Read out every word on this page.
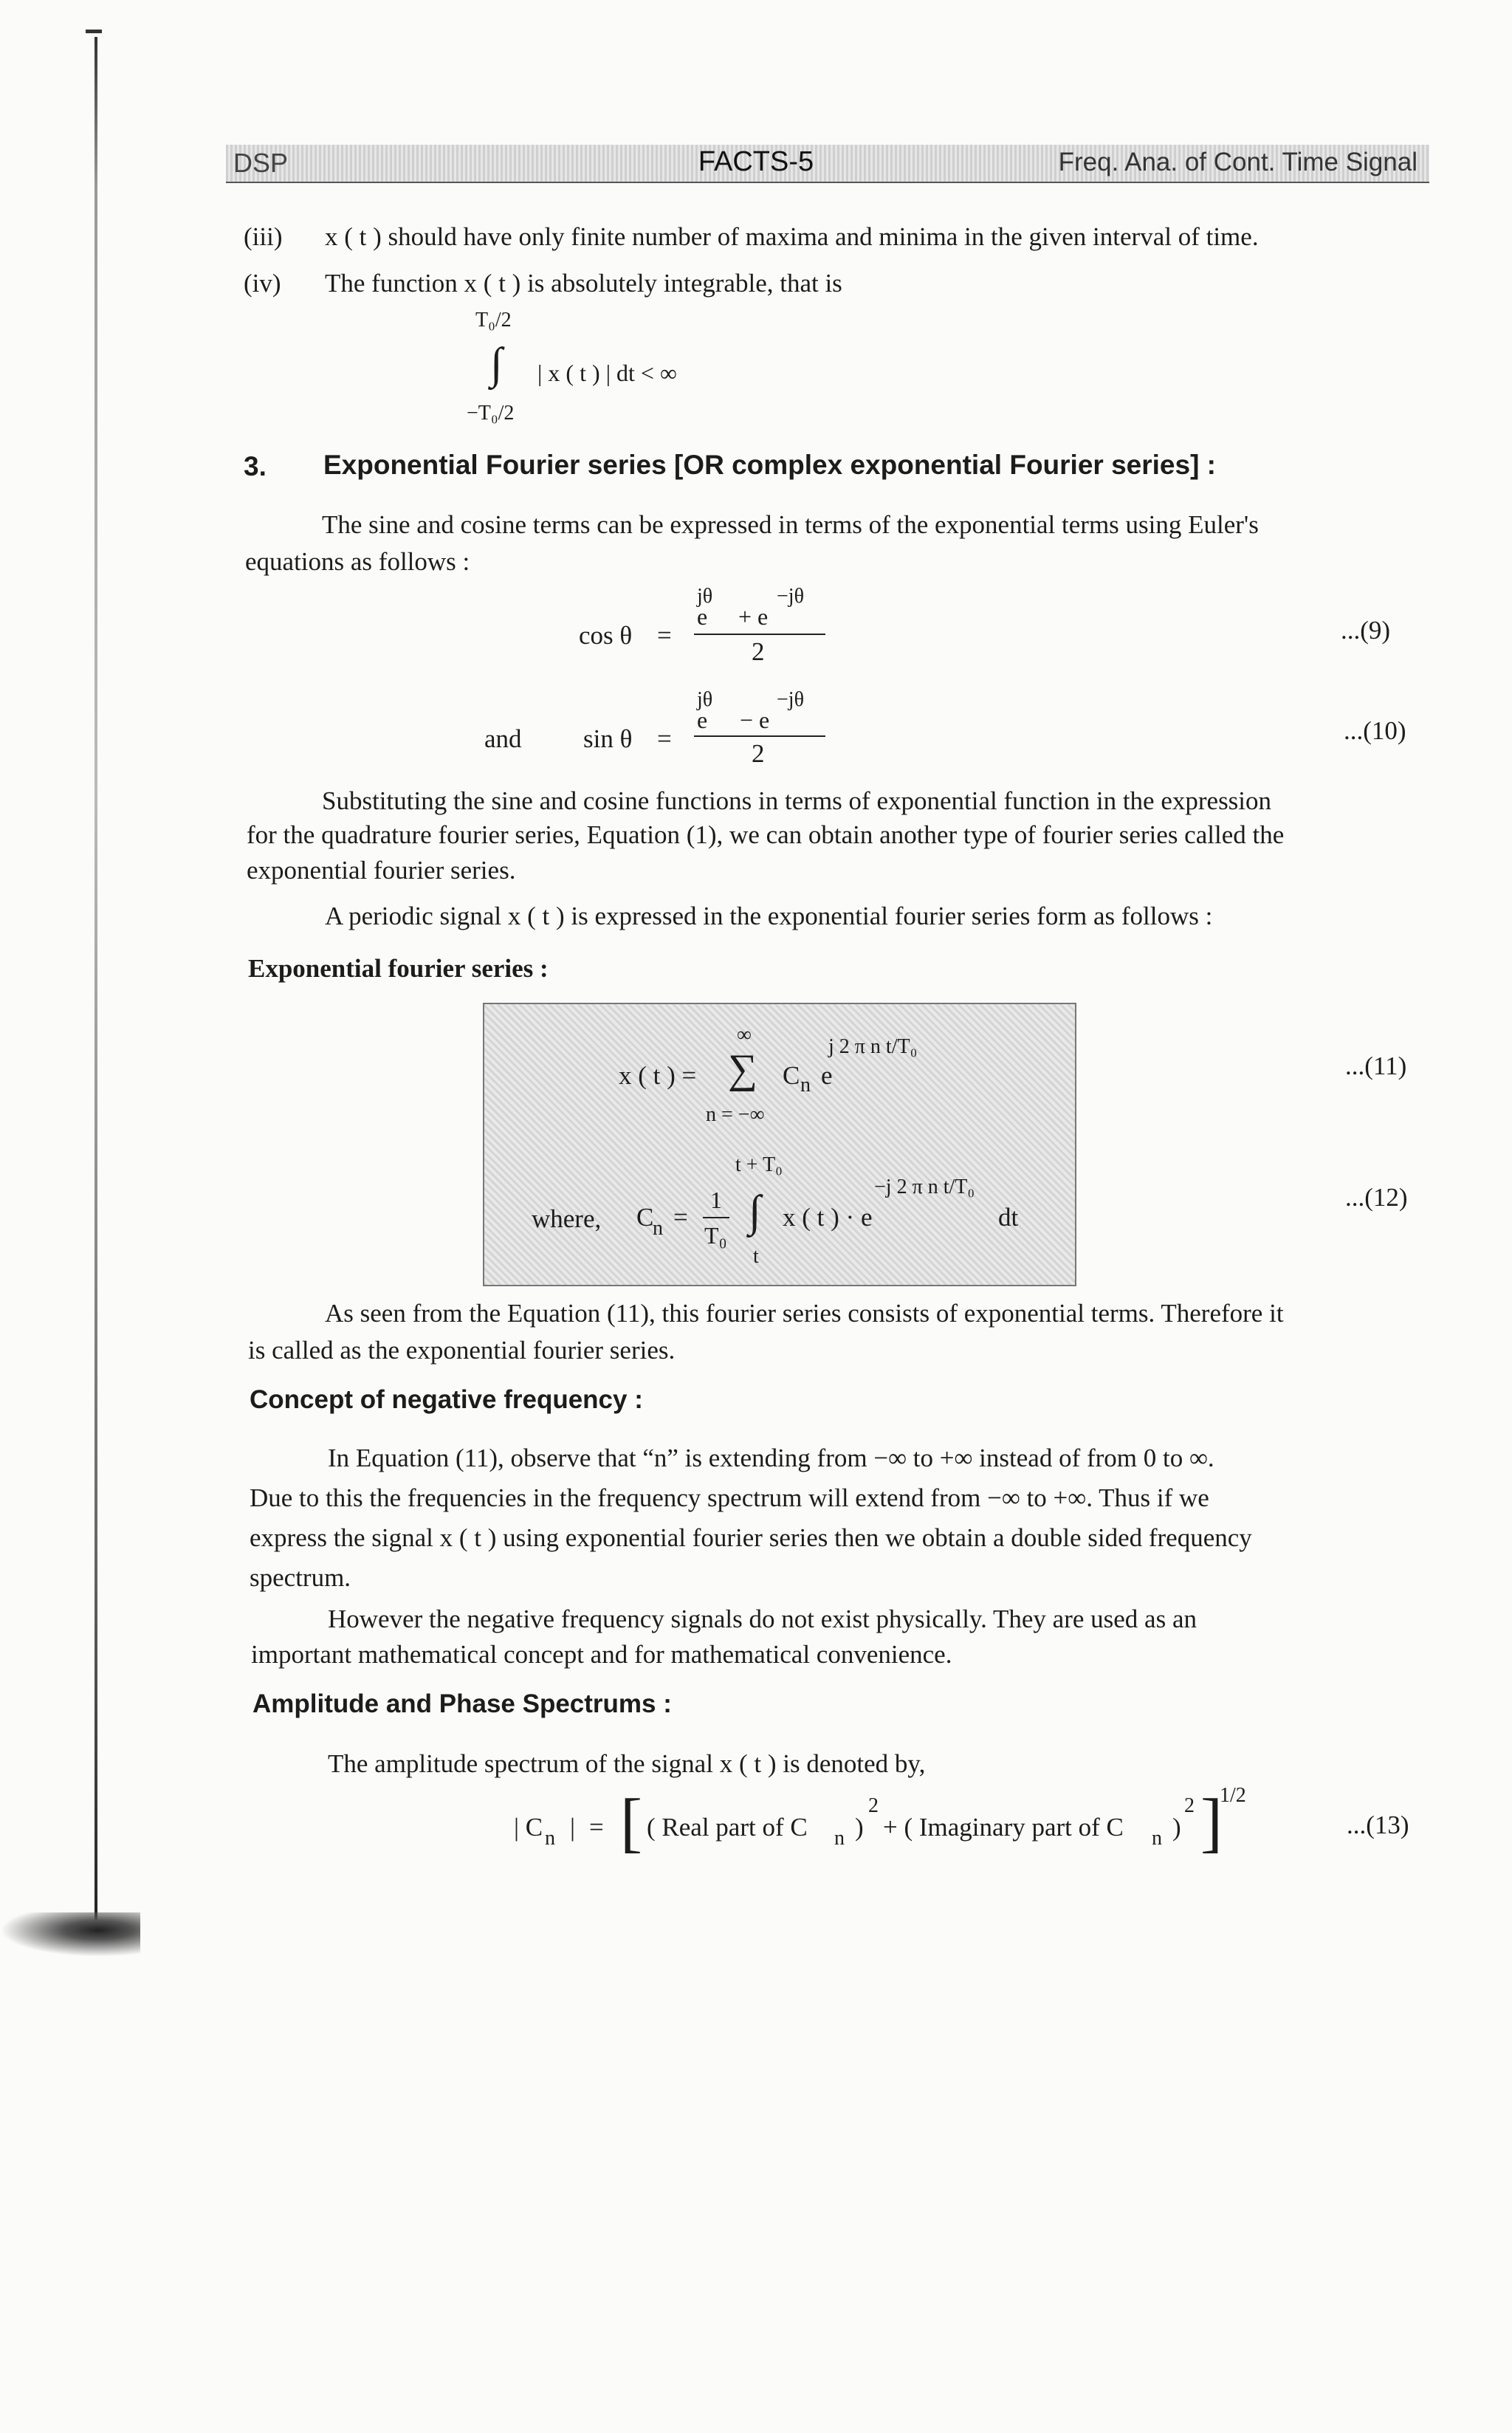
DSP	FACTS-5	Freq. Ana. of Cont. Time Signal
(iii)	x ( t ) should have only finite number of maxima and minima in the given interval of time.
(iv)	The function x ( t ) is absolutely integrable, that is
T₀/2
∫ | x ( t ) | dt < ∞
−T₀/2
3. Exponential Fourier series [OR complex exponential Fourier series] :
The sine and cosine terms can be expressed in terms of the exponential terms using Euler's
equations as follows :
cos θ =
jθ	−jθ
e + e
2
...(9)
and sin θ =
jθ	−jθ
e − e
2
...(10)
Substituting the sine and cosine functions in terms of exponential function in the expression
for the quadrature fourier series, Equation (1), we can obtain another type of fourier series called the
exponential fourier series.
A periodic signal x ( t ) is expressed in the exponential fourier series form as follows :
Exponential fourier series :
∞
x ( t ) = ∑ C n e
j 2 π n t/T₀
n = −∞
...(11)
t + T₀
where, C
n =
1
T₀ ∫ x ( t ) · e
−j 2 π n t/T₀
dt
t
...(12)
As seen from the Equation (11), this fourier series consists of exponential terms. Therefore it
is called as the exponential fourier series.
Concept of negative frequency :
In Equation (11), observe that “n” is extending from −∞ to +∞ instead of from 0 to ∞.
Due to this the frequencies in the frequency spectrum will extend from −∞ to +∞. Thus if we
express the signal x ( t ) using exponential fourier series then we obtain a double sided frequency
spectrum.
However the negative frequency signals do not exist physically. They are used as an
important mathematical concept and for mathematical convenience.
Amplitude and Phase Spectrums :
The amplitude spectrum of the signal x ( t ) is denoted by,
| C n | = [ ( Real part of C n )
2
+ ( Imaginary part of C n )
2 ]
1/2
...(13)
